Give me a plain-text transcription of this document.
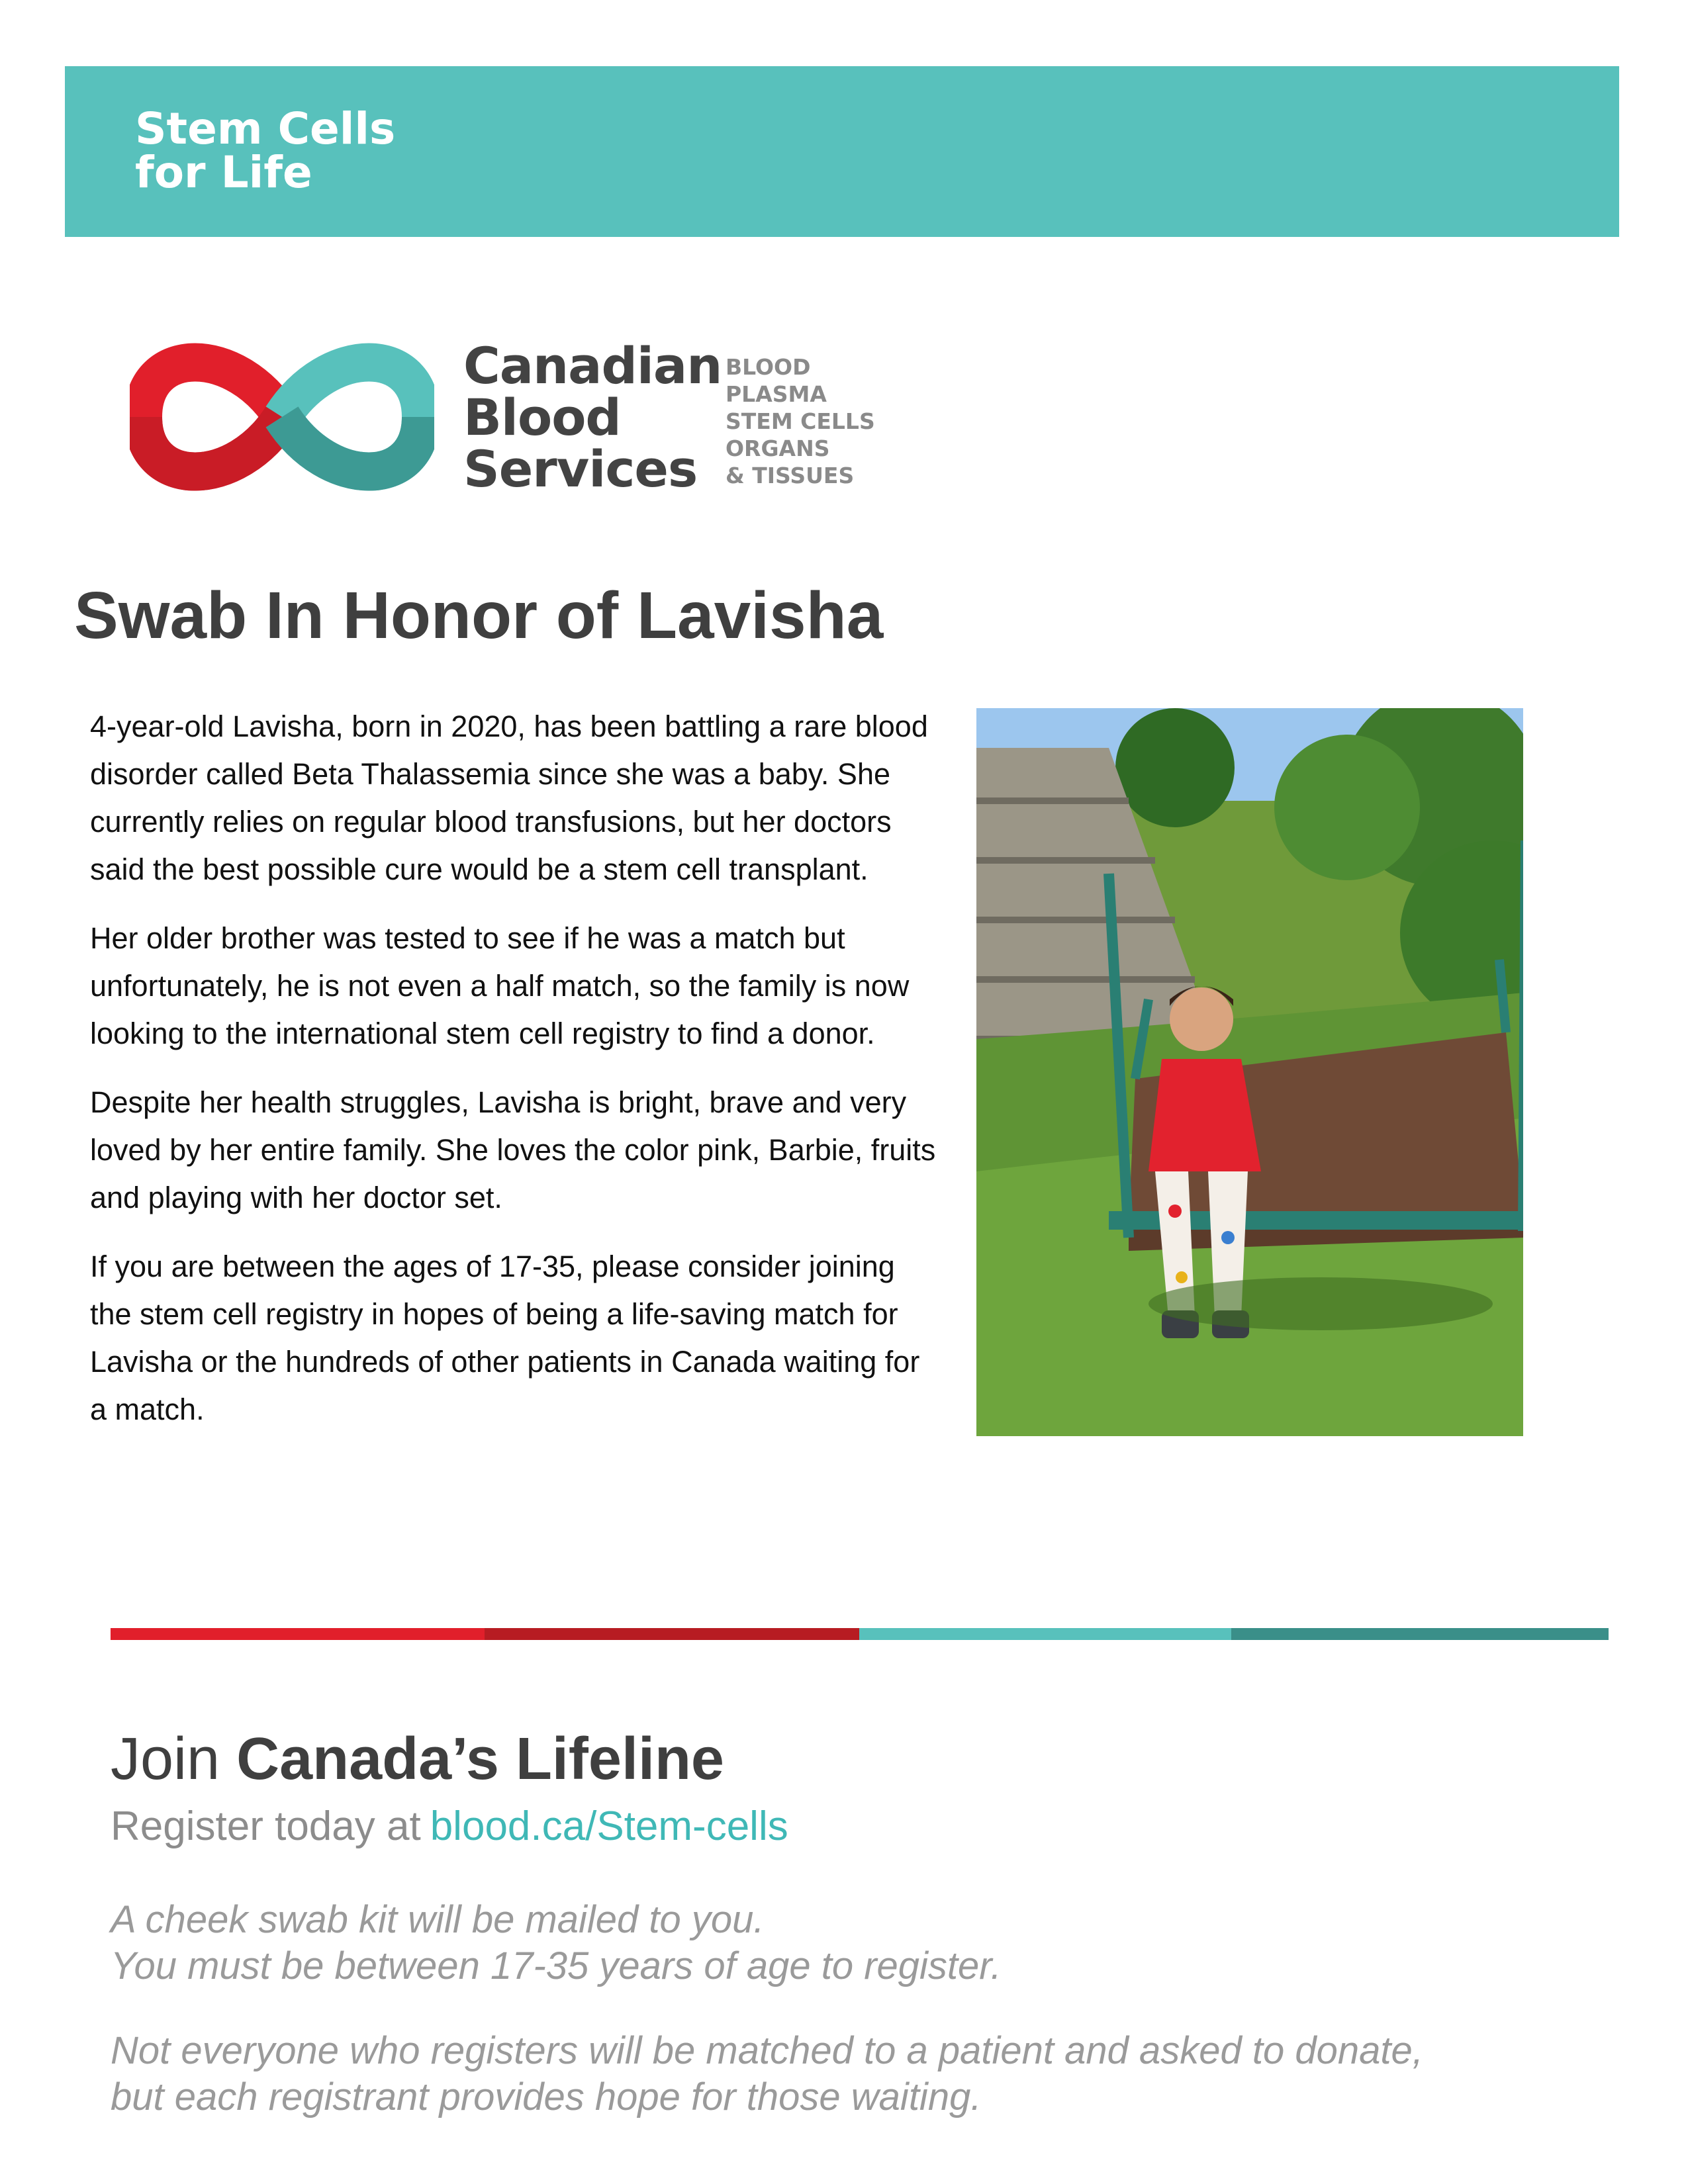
Stem Cells
for Life
Canadian
Blood
Services
BLOOD
PLASMA
STEM CELLS
ORGANS
& TISSUES
Swab In Honor of Lavisha

4-year-old Lavisha, born in 2020, has been battling a rare blood disorder called Beta Thalassemia since she was a baby. She currently relies on regular blood transfusions, but her doctors said the best possible cure would be a stem cell transplant.

Her older brother was tested to see if he was a match but unfortunately, he is not even a half match, so the family is now looking to the international stem cell registry to find a donor.

Despite her health struggles, Lavisha is bright, brave and very loved by her entire family. She loves the color pink, Barbie, fruits and playing with her doctor set.

If you are between the ages of 17-35, please consider joining the stem cell registry in hopes of being a life-saving match for Lavisha or the hundreds of other patients in Canada waiting for a match.

Join Canada’s Lifeline
Register today at blood.ca/Stem-cells
A cheek swab kit will be mailed to you.
You must be between 17-35 years of age to register.
Not everyone who registers will be matched to a patient and asked to donate,
but each registrant provides hope for those waiting.
